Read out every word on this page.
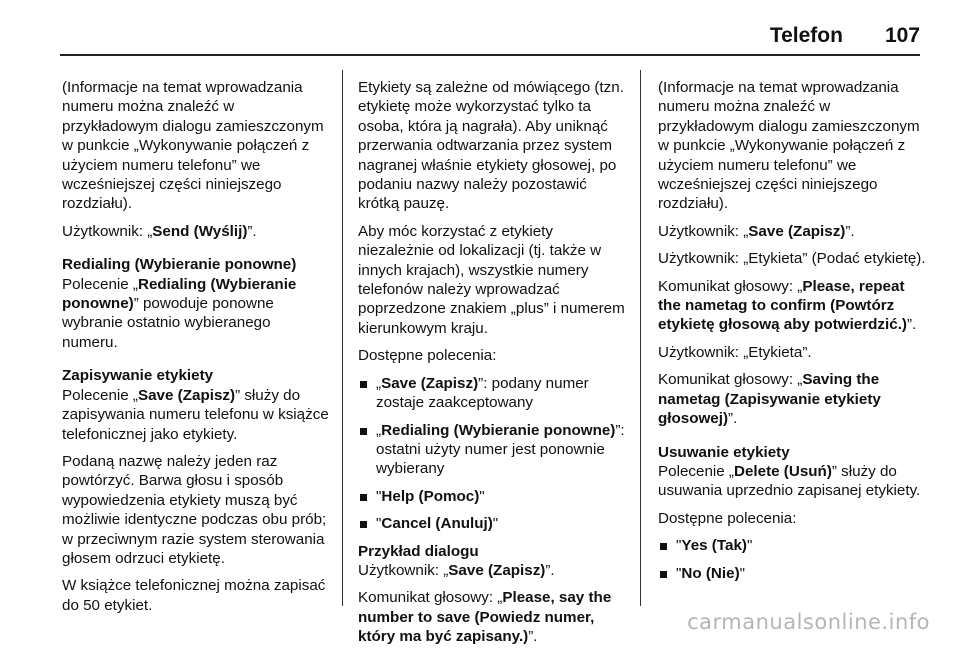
Telefon 107

(Informacje na temat wprowadzania numeru można znaleźć w przykładowym dialogu zamieszczonym w punkcie „Wykonywanie połączeń z użyciem numeru telefonu” we wcześniejszej części niniejszego rozdziału).

Użytkownik: „Send (Wyślij)”.

Redialing (Wybieranie ponowne)

Polecenie „Redialing (Wybieranie ponowne)” powoduje ponowne wybranie ostatnio wybieranego numeru.

Zapisywanie etykiety

Polecenie „Save (Zapisz)” służy do zapisywania numeru telefonu w książce telefonicznej jako etykiety.

Podaną nazwę należy jeden raz powtórzyć. Barwa głosu i sposób wypowiedzenia etykiety muszą być możliwie identyczne podczas obu prób; w przeciwnym razie system sterowania głosem odrzuci etykietę.

W książce telefonicznej można zapisać do 50 etykiet.

Etykiety są zależne od mówiącego (tzn. etykietę może wykorzystać tylko ta osoba, która ją nagrała). Aby uniknąć przerwania odtwarzania przez system nagranej właśnie etykiety głosowej, po podaniu nazwy należy pozostawić krótką pauzę.

Aby móc korzystać z etykiety niezależnie od lokalizacji (tj. także w innych krajach), wszystkie numery telefonów należy wprowadzać poprzedzone znakiem „plus” i numerem kierunkowym kraju.

Dostępne polecenia:

„Save (Zapisz)”: podany numer zostaje zaakceptowany
„Redialing (Wybieranie ponowne)”: ostatni użyty numer jest ponownie wybierany
"Help (Pomoc)"
"Cancel (Anuluj)"

Przykład dialogu

Użytkownik: „Save (Zapisz)”.

Komunikat głosowy: „Please, say the number to save (Powiedz numer, który ma być zapisany.)”.

(Informacje na temat wprowadzania numeru można znaleźć w przykładowym dialogu zamieszczonym w punkcie „Wykonywanie połączeń z użyciem numeru telefonu” we wcześniejszej części niniejszego rozdziału).

Użytkownik: „Save (Zapisz)”.

Użytkownik: „Etykieta” (Podać etykietę).

Komunikat głosowy: „Please, repeat the nametag to confirm (Powtórz etykietę głosową aby potwierdzić.)”.

Użytkownik: „Etykieta”.

Komunikat głosowy: „Saving the nametag (Zapisywanie etykiety głosowej)”.

Usuwanie etykiety

Polecenie „Delete (Usuń)” służy do usuwania uprzednio zapisanej etykiety.

Dostępne polecenia:

"Yes (Tak)"
"No (Nie)"
carmanualsonline.info
